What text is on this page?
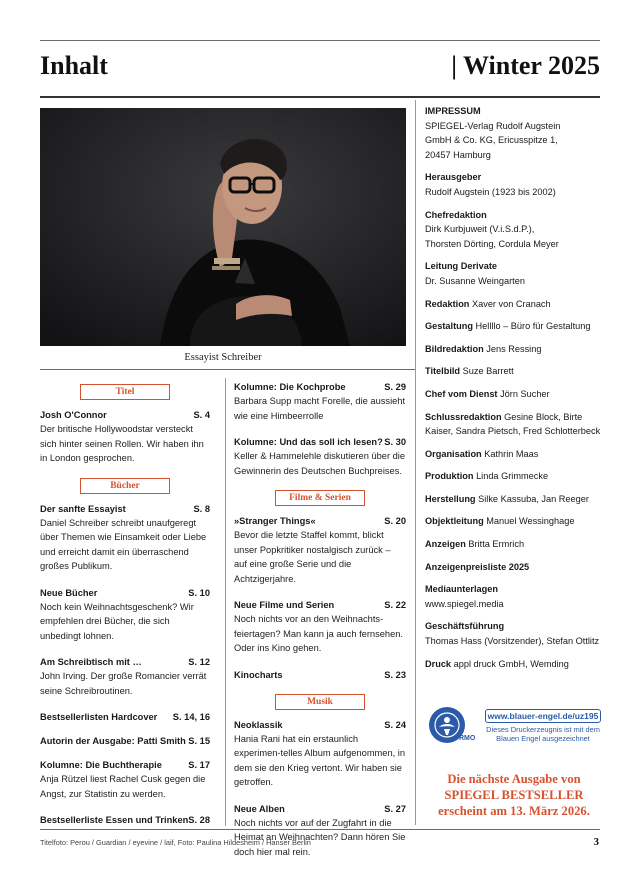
Inhalt	| Winter 2025
Essayist Schreiber
Titel
Josh O'Connor	S. 4
Der britische Hollywoodstar versteckt sich hinter seinen Rollen. Wir haben ihn in London gesprochen.
Bücher
Der sanfte Essayist	S. 8
Daniel Schreiber schreibt unaufgeregt über Themen wie Einsamkeit oder Liebe und erreicht damit ein überraschend großes Publikum.
Neue Bücher	S. 10
Noch kein Weihnachtsgeschenk? Wir empfehlen drei Bücher, die sich unbedingt lohnen.
Am Schreibtisch mit …	S. 12
John Irving. Der große Romancier verrät seine Schreibroutinen.
Bestsellerlisten Hardcover S. 14, 16
Autorin der Ausgabe: Patti Smith S. 15
Kolumne: Die Buchtherapie	S. 17
Anja Rützel liest Rachel Cusk gegen die Angst, zur Statistin zu werden.
Bestsellerliste Essen und Trinken S. 28
Kolumne: Die Kochprobe	S. 29
Barbara Supp macht Forelle, die aussieht wie eine Himbeerrolle
Kolumne: Und das soll ich lesen? S. 30
Keller & Hammelehle diskutieren über die Gewinnerin des Deutschen Buchpreises.
Filme & Serien
»Stranger Things«	S. 20
Bevor die letzte Staffel kommt, blickt unser Popkritiker nostalgisch zurück – auf eine große Serie und die Achtzigerjahre.
Neue Filme und Serien	S. 22
Noch nichts vor an den Weihnachts-feiertagen? Man kann ja auch fernsehen. Oder ins Kino gehen.
Kinocharts	S. 23
Musik
Neoklassik	S. 24
Hania Rani hat ein erstaunlich experimen-telles Album aufgenommen, in dem sie den Krieg vertont. Wir haben sie getroffen.
Neue Alben	S. 27
Noch nichts vor auf der Zugfahrt in die Heimat an Weihnachten? Dann hören Sie doch hier mal rein.
IMPRESSUM
SPIEGEL-Verlag Rudolf Augstein
GmbH & Co. KG, Ericusspitze 1,
20457 Hamburg
Herausgeber
Rudolf Augstein (1923 bis 2002)
Chefredaktion
Dirk Kurbjuweit (V.i.S.d.P.),
Thorsten Dörting, Cordula Meyer
Leitung Derivate
Dr. Susanne Weingarten
Redaktion Xaver von Cranach
Gestaltung Hellllo – Büro für Gestaltung
Bildredaktion Jens Ressing
Titelbild Suze Barrett
Chef vom Dienst Jörn Sucher
Schlussredaktion Gesine Block, Birte
Kaiser, Sandra Pietsch, Fred Schlotterbeck
Organisation Kathrin Maas
Produktion Linda Grimmecke
Herstellung Silke Kassuba, Jan Reeger
Objektleitung Manuel Wessinghage
Anzeigen Britta Ermrich
Anzeigenpreisliste 2025
Mediaunterlagen
www.spiegel.media
Geschäftsführung
Thomas Hass (Vorsitzender), Stefan Ottlitz
Druck appl druck GmbH, Wemding
RMO
www.blauer-engel.de/uz195
Dieses Druckerzeugnis ist mit dem Blauen Engel ausgezeichnet
Die nächste Ausgabe von
SPIEGEL BESTSELLER
erscheint am 13. März 2026.
Titelfoto: Perou / Guardian / eyevine / laif, Foto: Paulina Hildesheim / Hanser Berlin	3
